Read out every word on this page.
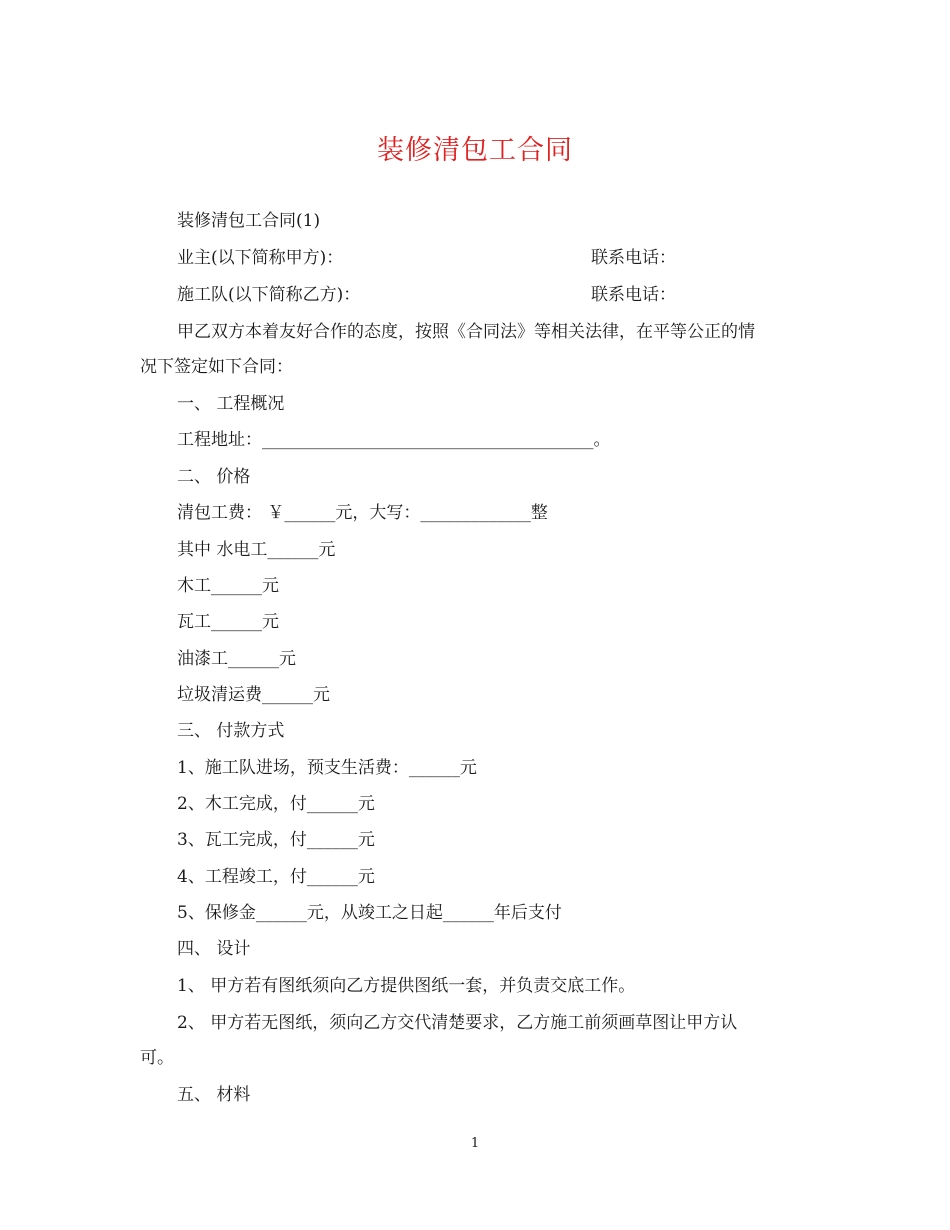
装修清包工合同
装修清包工合同(1)
业主(以下简称甲方)：	联系电话：
施工队(以下简称乙方)：	联系电话：
甲乙双方本着友好合作的态度，按照《合同法》等相关法律，在平等公正的情
况下签定如下合同：
一、 工程概况
工程地址：_______________________________________。
二、 价格
清包工费： ￥______元，大写：_____________整
其中 水电工______元
木工______元
瓦工______元
油漆工______元
垃圾清运费______元
三、 付款方式
1、施工队进场，预支生活费：______元
2、木工完成，付______元
3、瓦工完成，付______元
4、工程竣工，付______元
5、保修金______元，从竣工之日起______年后支付
四、 设计
1、 甲方若有图纸须向乙方提供图纸一套，并负责交底工作。
2、 甲方若无图纸，须向乙方交代清楚要求，乙方施工前须画草图让甲方认
可。
五、 材料
1
